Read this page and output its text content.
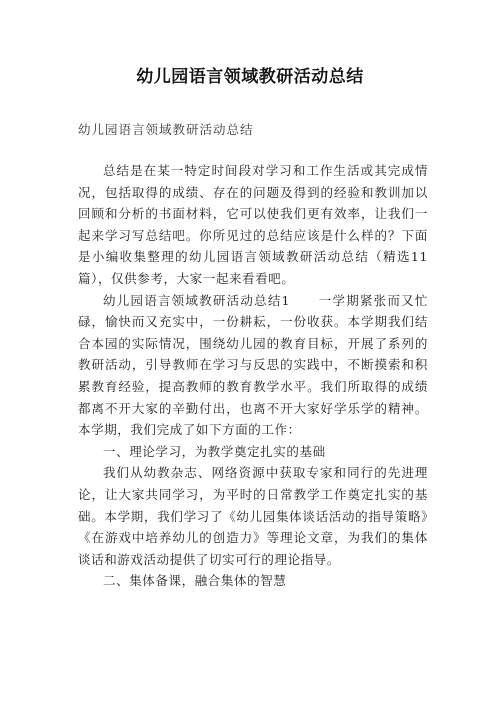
幼儿园语言领域教研活动总结
幼儿园语言领域教研活动总结

总结是在某一特定时间段对学习和工作生活或其完成情况，包括取得的成绩、存在的问题及得到的经验和教训加以回顾和分析的书面材料，它可以使我们更有效率，让我们一起来学习写总结吧。你所见过的总结应该是什么样的？下面是小编收集整理的幼儿园语言领域教研活动总结（精选11篇），仅供参考，大家一起来看看吧。

幼儿园语言领域教研活动总结1 一学期紧张而又忙碌，愉快而又充实中，一份耕耘，一份收获。本学期我们结合本园的实际情况，围绕幼儿园的教育目标，开展了系列的教研活动，引导教师在学习与反思的实践中，不断摸索和积累教育经验，提高教师的教育教学水平。我们所取得的成绩都离不开大家的辛勤付出，也离不开大家好学乐学的精神。本学期，我们完成了如下方面的工作：

一、理论学习，为教学奠定扎实的基础

我们从幼教杂志、网络资源中获取专家和同行的先进理论，让大家共同学习，为平时的日常教学工作奠定扎实的基础。本学期，我们学习了《幼儿园集体谈话活动的指导策略》《在游戏中培养幼儿的创造力》等理论文章，为我们的集体谈话和游戏活动提供了切实可行的理论指导。

二、集体备课，融合集体的智慧
